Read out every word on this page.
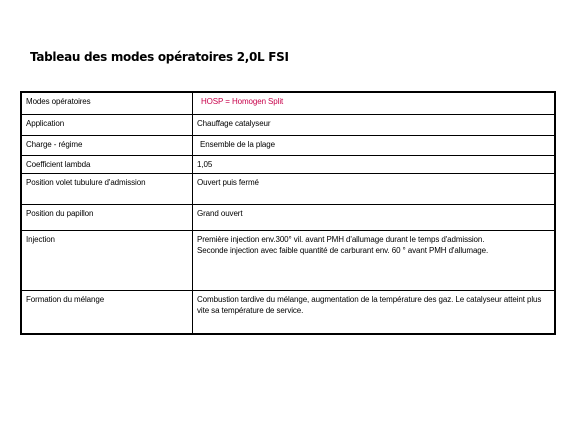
Tableau des modes opératoires 2,0L FSI
Modes opératoires	HOSP = Homogen Split
Application	Chauffage catalyseur
Charge - régime	Ensemble de la plage
Coefficient lambda	1,05
Position volet tubulure d'admission	Ouvert puis fermé
Position du papillon	Grand ouvert
Injection	Première injection env.300° vil. avant PMH d'allumage durant le temps d'admission.
Seconde injection avec faible quantité de carburant env. 60 ° avant PMH d'allumage.

Formation du mélange	Combustion tardive du mélange, augmentation de la température des gaz. Le catalyseur atteint plus vite sa température de service.
